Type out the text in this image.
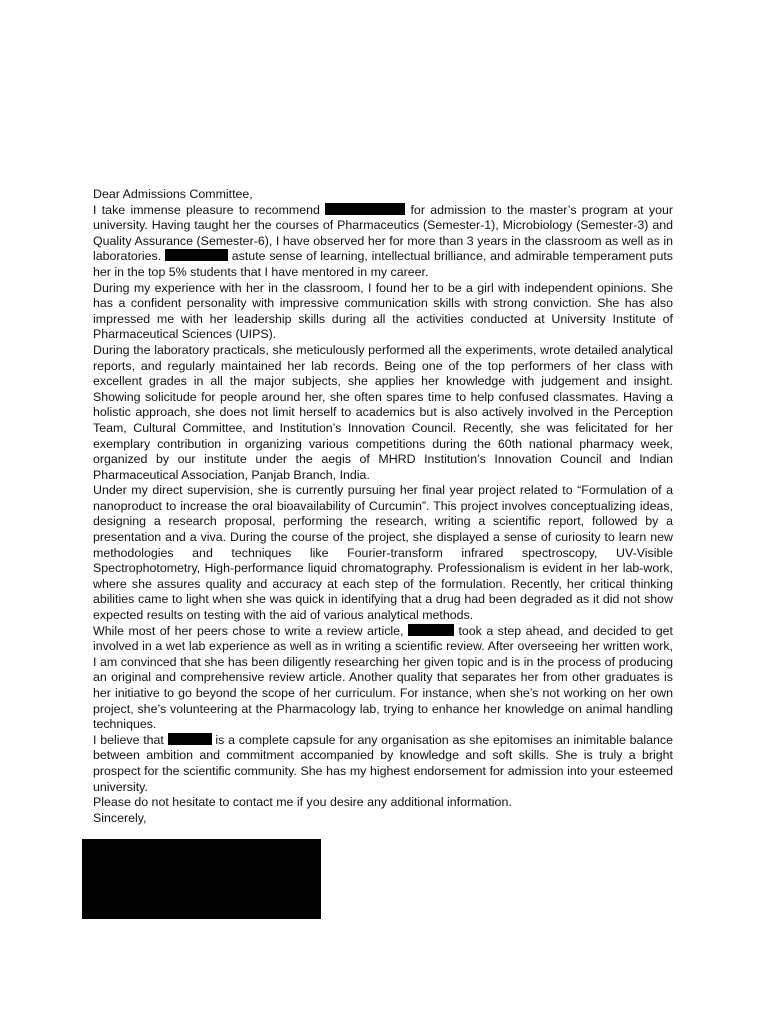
Dear Admissions Committee,

I take immense pleasure to recommend	for admission to the master’s program at your university. Having taught her the courses of Pharmaceutics (Semester-1), Microbiology (Semester-3) and Quality Assurance (Semester-6), I have observed her for more than 3 years in the classroom as well as in laboratories.	astute sense of learning, intellectual brilliance, and admirable temperament puts her in the top 5% students that I have mentored in my career.

During my experience with her in the classroom, I found her to be a girl with independent opinions. She has a confident personality with impressive communication skills with strong conviction. She has also impressed me with her leadership skills during all the activities conducted at University Institute of Pharmaceutical Sciences (UIPS).

During the laboratory practicals, she meticulously performed all the experiments, wrote detailed analytical reports, and regularly maintained her lab records. Being one of the top performers of her class with excellent grades in all the major subjects, she applies her knowledge with judgement and insight. Showing solicitude for people around her, she often spares time to help confused classmates. Having a holistic approach, she does not limit herself to academics but is also actively involved in the Perception Team, Cultural Committee, and Institution’s Innovation Council. Recently, she was felicitated for her exemplary contribution in organizing various competitions during the 60th national pharmacy week, organized by our institute under the aegis of MHRD Institution’s Innovation Council and Indian Pharmaceutical Association, Panjab Branch, India.

Under my direct supervision, she is currently pursuing her final year project related to “Formulation of a nanoproduct to increase the oral bioavailability of Curcumin”. This project involves conceptualizing ideas, designing a research proposal, performing the research, writing a scientific report, followed by a presentation and a viva. During the course of the project, she displayed a sense of curiosity to learn new methodologies and techniques like Fourier-transform infrared spectroscopy, UV-Visible Spectrophotometry, High-performance liquid chromatography. Professionalism is evident in her lab-work, where she assures quality and accuracy at each step of the formulation. Recently, her critical thinking abilities came to light when she was quick in identifying that a drug had been degraded as it did not show expected results on testing with the aid of various analytical methods.

While most of her peers chose to write a review article,	took a step ahead, and decided to get involved in a wet lab experience as well as in writing a scientific review. After overseeing her written work, I am convinced that she has been diligently researching her given topic and is in the process of producing an original and comprehensive review article. Another quality that separates her from other graduates is her initiative to go beyond the scope of her curriculum. For instance, when she’s not working on her own project, she’s volunteering at the Pharmacology lab, trying to enhance her knowledge on animal handling techniques.

I believe that	is a complete capsule for any organisation as she epitomises an inimitable balance between ambition and commitment accompanied by knowledge and soft skills. She is truly a bright prospect for the scientific community. She has my highest endorsement for admission into your esteemed university.

Please do not hesitate to contact me if you desire any additional information.

Sincerely,
